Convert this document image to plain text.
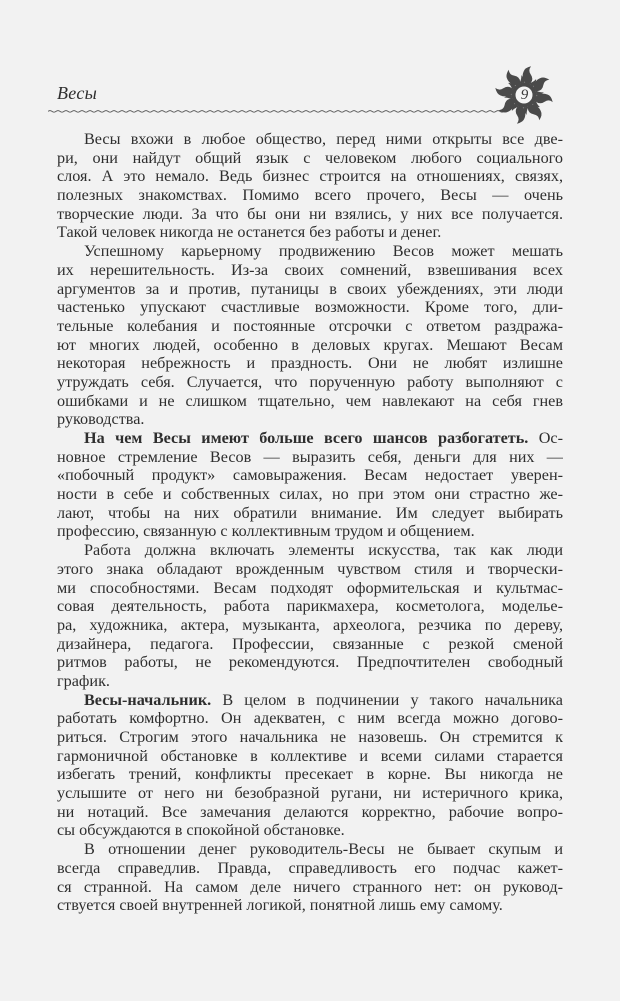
Весы	9
Весы вхожи в любое общество, перед ними открыты все две-
ри, они найдут общий язык с человеком любого социального
слоя. А это немало. Ведь бизнес строится на отношениях, связях,
полезных знакомствах. Помимо всего прочего, Весы — очень
творческие люди. За что бы они ни взялись, у них все получается.
Такой человек никогда не останется без работы и денег.
Успешному карьерному продвижению Весов может мешать
их нерешительность. Из-за своих сомнений, взвешивания всех
аргументов за и против, путаницы в своих убеждениях, эти люди
частенько упускают счастливые возможности. Кроме того, дли-
тельные колебания и постоянные отсрочки с ответом раздража-
ют многих людей, особенно в деловых кругах. Мешают Весам
некоторая небрежность и праздность. Они не любят излишне
утруждать себя. Случается, что порученную работу выполняют с
ошибками и не слишком тщательно, чем навлекают на себя гнев
руководства.
На чем Весы имеют больше всего шансов разбогатеть. Ос-
новное стремление Весов — выразить себя, деньги для них —
«побочный продукт» самовыражения. Весам недостает уверен-
ности в себе и собственных силах, но при этом они страстно же-
лают, чтобы на них обратили внимание. Им следует выбирать
профессию, связанную с коллективным трудом и общением.
Работа должна включать элементы искусства, так как люди
этого знака обладают врожденным чувством стиля и творчески-
ми способностями. Весам подходят оформительская и культмас-
совая деятельность, работа парикмахера, косметолога, моделье-
ра, художника, актера, музыканта, археолога, резчика по дереву,
дизайнера, педагога. Профессии, связанные с резкой сменой
ритмов работы, не рекомендуются. Предпочтителен свободный
график.
Весы-начальник. В целом в подчинении у такого начальника
работать комфортно. Он адекватен, с ним всегда можно догово-
риться. Строгим этого начальника не назовешь. Он стремится к
гармоничной обстановке в коллективе и всеми силами старается
избегать трений, конфликты пресекает в корне. Вы никогда не
услышите от него ни безобразной ругани, ни истеричного крика,
ни нотаций. Все замечания делаются корректно, рабочие вопро-
сы обсуждаются в спокойной обстановке.
В отношении денег руководитель-Весы не бывает скупым и
всегда справедлив. Правда, справедливость его подчас кажет-
ся странной. На самом деле ничего странного нет: он руковод-
ствуется своей внутренней логикой, понятной лишь ему самому.
